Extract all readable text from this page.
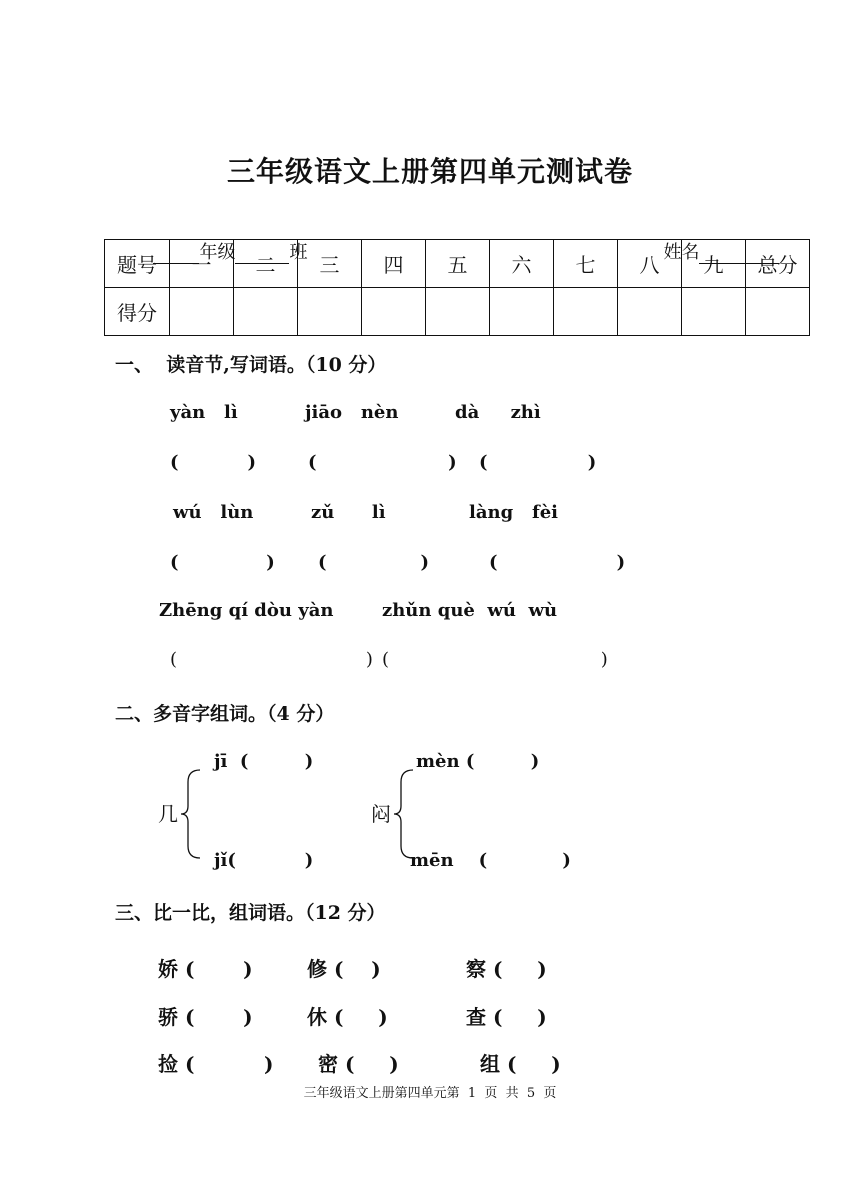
三年级语文上册第四单元测试卷

年级	班	姓名

题号	一	二	三	四	五	六	七	八	九	总分
得分										
一、  读音节,写词语。（10 分）
yàn   lì	jiāo   nèn	dà     zhì
(           )	(                     ) (                )
wú   lùn	zǔ      lì	làng   fèi
(              ) (               )	(                   )
Zhēng qí dòu yàn	zhǔn què  wú  wù
(                                 ) (                                     )
二、多音字组词。（4 分）
jī  (         )
几
jǐ(           )
mèn (         )
闷
mēn    (            )
三、比一比，组词语。（12 分）
娇 (       )	修 (    )	察 (     )
骄 (       )	休 (     )	查 (     )
捡 (          ) 密 (     )	组 (     )
三年级语文上册第四单元第  1  页  共  5  页
